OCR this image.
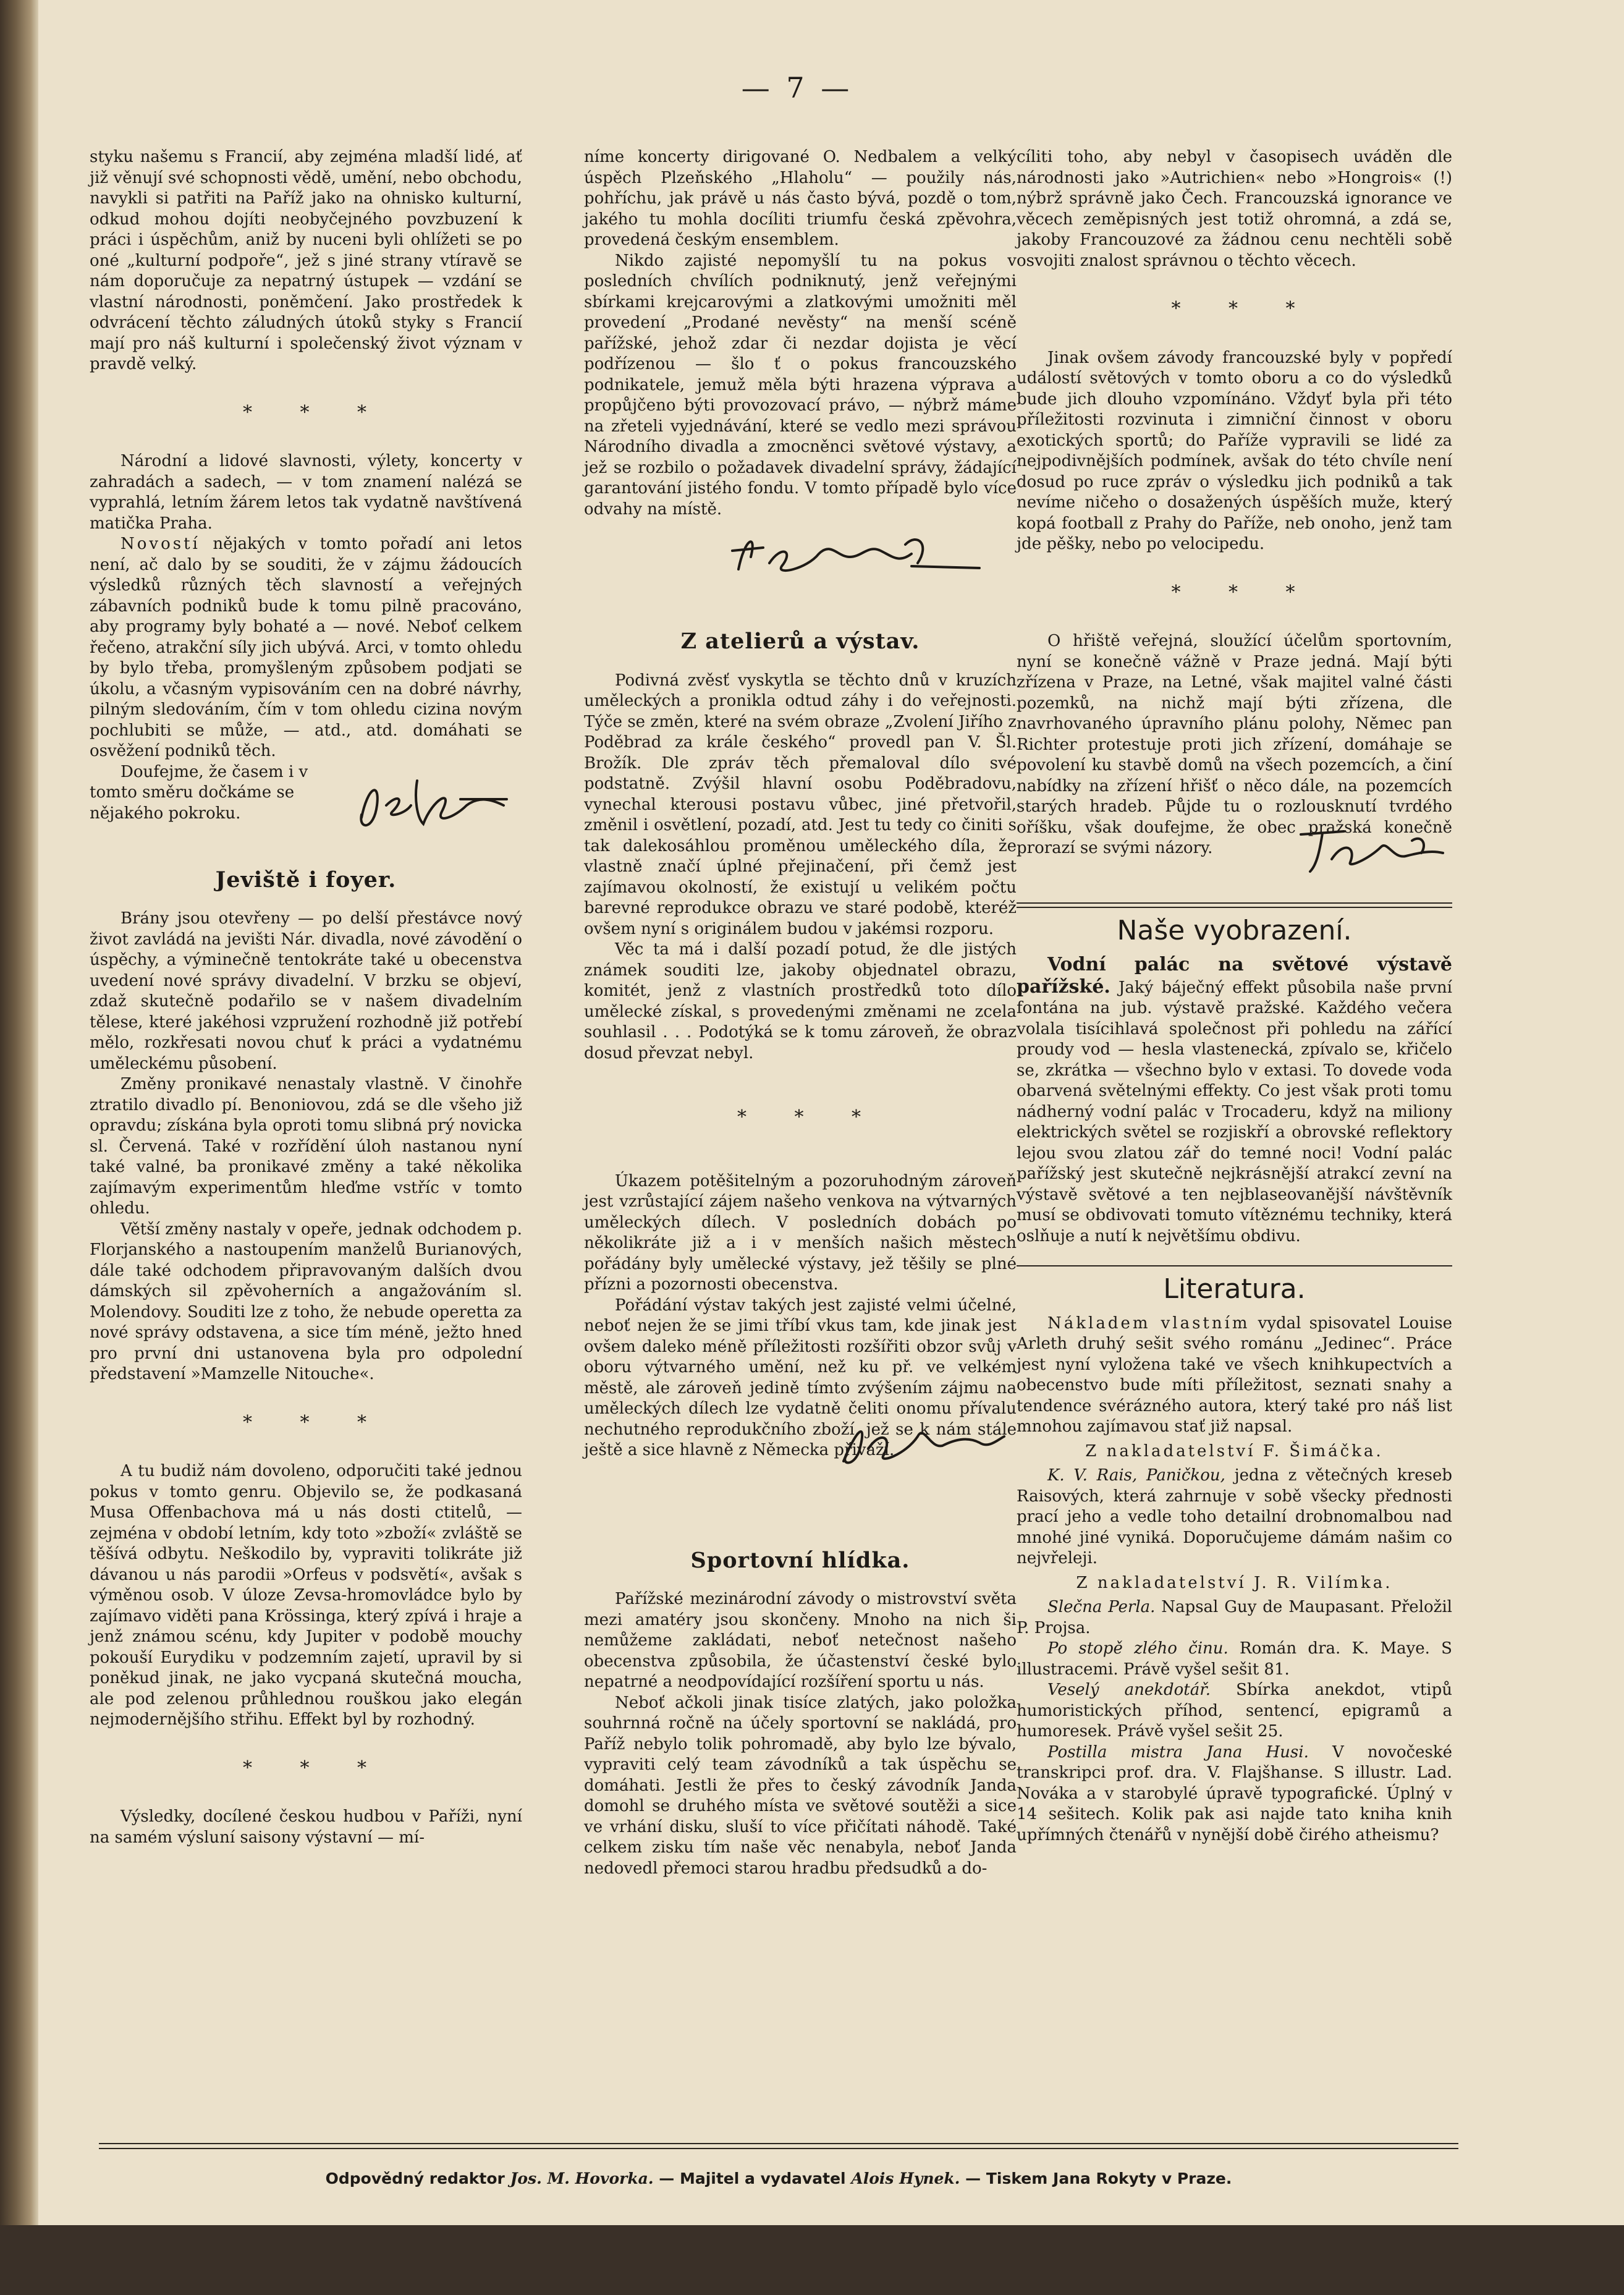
— 7 —

styku našemu s Francií, aby zejména mladší lidé, ať již věnují své schopnosti vědě, umění, nebo obchodu, navykli si patřiti na Paříž jako na ohnisko kulturní, odkud mohou dojíti neobyčejného povzbuzení k práci i úspěchům, aniž by nuceni byli ohlížeti se po oné „kulturní podpoře“, jež s jiné strany vtíravě se nám doporučuje za nepatrný ústupek — vzdání se vlastní národnosti, poněmčení. Jako prostředek k odvrácení těchto záludných útoků styky s Francií mají pro náš kulturní i společenský život význam v pravdě velký.

* * *

Národní a lidové slavnosti, výlety, koncerty v zahradách a sadech, — v tom znamení nalézá se vyprahlá, letním žárem letos tak vydatně navštívená matička Praha.

Novostí nějakých v tomto pořadí ani letos není, ač dalo by se souditi, že v zájmu žádoucích výsledků různých těch slavností a veřejných zábavních podniků bude k tomu pilně pracováno, aby programy byly bohaté a — nové. Neboť celkem řečeno, atrakční síly jich ubývá. Arci, v tomto ohledu by bylo třeba, promyšleným způsobem podjati se úkolu, a včasným vypisováním cen na dobré návrhy, pilným sledováním, čím v tom ohledu cizina novým pochlubiti se může, — atd., atd. domáhati se osvěžení podniků těch.

Doufejme, že časem i v tomto směru dočkáme se nějakého pokroku.

Jeviště i foyer.

Brány jsou otevřeny — po delší přestávce nový život zavládá na jevišti Nár. divadla, nové závodění o úspěchy, a výminečně tentokráte také u obecenstva uvedení nové správy divadelní. V brzku se objeví, zdaž skutečně podařilo se v našem divadelním tělese, které jakéhosi vzpružení rozhodně již potřebí mělo, rozkřesati novou chuť k práci a vydatnému uměleckému působení.

Změny pronikavé nenastaly vlastně. V činohře ztratilo divadlo pí. Benoniovou, zdá se dle všeho již opravdu; získána byla oproti tomu slibná prý novicka sl. Červená. Také v rozřídění úloh nastanou nyní také valné, ba pronikavé změny a také několika zajímavým experimentům hleďme vstříc v tomto ohledu.

Větší změny nastaly v opeře, jednak odchodem p. Florjanského a nastoupením manželů Burianových, dále také odchodem připravovaným dalších dvou dámských sil zpěvoherních a angažováním sl. Molendovy. Souditi lze z toho, že nebude operetta za nové správy odstavena, a sice tím méně, ježto hned pro první dni ustanovena byla pro odpolední představení »Mamzelle Nitouche«.

* * *

A tu budiž nám dovoleno, odporučiti také jednou pokus v tomto genru. Objevilo se, že podkasaná Musa Offenbachova má u nás dosti ctitelů, — zejména v období letním, kdy toto »zboží« zvláště se těšívá odbytu. Neškodilo by, vypraviti tolikráte již dávanou u nás parodii »Orfeus v podsvětí«, avšak s výměnou osob. V úloze Zevsa-hromovládce bylo by zajímavo viděti pana Krössinga, který zpívá i hraje a jenž známou scénu, kdy Jupiter v podobě mouchy pokouší Eurydiku v podzemním zajetí, upravil by si poněkud jinak, ne jako vycpaná skutečná moucha, ale pod zelenou průhlednou rouškou jako elegán nejmodernějšího střihu. Effekt byl by rozhodný.

* * *

Výsledky, docílené českou hudbou v Paříži, nyní na samém výsluní saisony výstavní — mí-

níme koncerty dirigované O. Nedbalem a velký úspěch Plzeňského „Hlaholu“ — použily nás, pohříchu, jak právě u nás často bývá, pozdě o tom, jakého tu mohla docíliti triumfu česká zpěvohra, provedená českým ensemblem.

Nikdo zajisté nepomyšlí tu na pokus v posledních chvílích podniknutý, jenž veřejnými sbírkami krejcarovými a zlatkovými umožniti měl provedení „Prodané nevěsty“ na menší scéně pařížské, jehož zdar či nezdar dojista je věcí podřízenou — šlo ť o pokus francouzského podnikatele, jemuž měla býti hrazena výprava a propůjčeno býti provozovací právo, — nýbrž máme na zřeteli vyjednávání, které se vedlo mezi správou Národního divadla a zmocněnci světové výstavy, a jež se rozbilo o požadavek divadelní správy, žádající garantování jistého fondu. V tomto případě bylo více odvahy na místě.

Z atelierů a výstav.

Podivná zvěsť vyskytla se těchto dnů v kruzích uměleckých a pronikla odtud záhy i do veřejnosti. Týče se změn, které na svém obraze „Zvolení Jiřího z Poděbrad za krále českého“ provedl pan V. Šl. Brožík. Dle zpráv těch přemaloval dílo své podstatně. Zvýšil hlavní osobu Poděbradovu, vynechal kterousi postavu vůbec, jiné přetvořil, změnil i osvětlení, pozadí, atd. Jest tu tedy co činiti s tak dalekosáhlou proměnou uměleckého díla, že vlastně značí úplné přejinačení, při čemž jest zajímavou okolností, že existují u velikém počtu barevné reprodukce obrazu ve staré podobě, kteréž ovšem nyní s originálem budou v jakémsi rozporu.

Věc ta má i další pozadí potud, že dle jistých známek souditi lze, jakoby objednatel obrazu, komitét, jenž z vlastních prostředků toto dílo umělecké získal, s provedenými změnami ne zcela souhlasil . . . Podotýká se k tomu zároveň, že obraz dosud převzat nebyl.

* * *

Úkazem potěšitelným a pozoruhodným zároveň jest vzrůstající zájem našeho venkova na výtvarných uměleckých dílech. V posledních dobách po několikráte již a i v menších našich městech pořádány byly umělecké výstavy, jež těšily se plné přízni a pozornosti obecenstva.

Pořádání výstav takých jest zajisté velmi účelné, neboť nejen že se jimi tříbí vkus tam, kde jinak jest ovšem daleko méně příležitosti rozšířiti obzor svůj v oboru výtvarného umění, než ku př. ve velkém městě, ale zároveň jedině tímto zvýšením zájmu na uměleckých dílech lze vydatně čeliti onomu přívalu nechutného reprodukčního zboží, jež se k nám stále ještě a sice hlavně z Německa přiváží.

Sportovní hlídka.

Pařížské mezinárodní závody o mistrovství světa mezi amatéry jsou skončeny. Mnoho na nich ši nemůžeme zakládati, neboť netečnost našeho obecenstva způsobila, že účastenství české bylo nepatrné a neodpovídající rozšíření sportu u nás.

Neboť ačkoli jinak tisíce zlatých, jako položka souhrnná ročně na účely sportovní se nakládá, pro Paříž nebylo tolik pohromadě, aby bylo lze bývalo, vypraviti celý team závodníků a tak úspěchu se domáhati. Jestli že přes to český závodník Janda domohl se druhého místa ve světové soutěži a sice ve vrhání disku, sluší to více přičítati náhodě. Také celkem zisku tím naše věc nenabyla, neboť Janda nedovedl přemoci starou hradbu předsudků a do-

cíliti toho, aby nebyl v časopisech uváděn dle národnosti jako »Autrichien« nebo »Hongrois« (!) nýbrž správně jako Čech. Francouzská ignorance ve věcech zeměpisných jest totiž ohromná, a zdá se, jakoby Francouzové za žádnou cenu nechtěli sobě osvojiti znalost správnou o těchto věcech.

* * *

Jinak ovšem závody francouzské byly v popředí událostí světových v tomto oboru a co do výsledků bude jich dlouho vzpomínáno. Vždyť byla při této příležitosti rozvinuta i zimniční činnost v oboru exotických sportů; do Paříže vypravili se lidé za nejpodivnějších podmínek, avšak do této chvíle není dosud po ruce zpráv o výsledku jich podniků a tak nevíme ničeho o dosažených úspěších muže, který kopá football z Prahy do Paříže, neb onoho, jenž tam jde pěšky, nebo po velocipedu.

* * *

O hřiště veřejná, sloužící účelům sportovním, nyní se konečně vážně v Praze jedná. Mají býti zřízena v Praze, na Letné, však majitel valné části pozemků, na nichž mají býti zřízena, dle navrhovaného úpravního plánu polohy, Němec pan Richter protestuje proti jich zřízení, domáhaje se povolení ku stavbě domů na všech pozemcích, a činí nabídky na zřízení hřišť o něco dále, na pozemcích starých hradeb. Půjde tu o rozlousknutí tvrdého oříšku, však doufejme, že obec pražská konečně prorazí se svými názory.

Naše vyobrazení.

Vodní palác na světové výstavě pařížské. Jaký báječný effekt působila naše první fontána na jub. výstavě pražské. Každého večera volala tisícihlavá společnost při pohledu na zářící proudy vod — hesla vlastenecká, zpívalo se, křičelo se, zkrátka — všechno bylo v extasi. To dovede voda obarvená světelnými effekty. Co jest však proti tomu nádherný vodní palác v Trocaderu, když na miliony elektrických světel se rozjiskří a obrovské reflektory lejou svou zlatou zář do temné noci! Vodní palác pařížský jest skutečně nejkrásnější atrakcí zevní na výstavě světové a ten nejblaseovanější návštěvník musí se obdivovati tomuto vítěznému techniky, která oslňuje a nutí k největšímu obdivu.

Literatura.

Nákladem vlastním vydal spisovatel Louise Arleth druhý sešit svého románu „Jedinec“. Práce jest nyní vyložena také ve všech knihkupectvích a obecenstvo bude míti příležitost, seznati snahy a tendence svérázného autora, který také pro náš list mnohou zajímavou stať již napsal.

Z nakladatelství F. Šimáčka.

K. V. Rais, Paničkou, jedna z větečných kreseb Raisových, která zahrnuje v sobě všecky přednosti prací jeho a vedle toho detailní drobnomalbou nad mnohé jiné vyniká. Doporučujeme dámám našim co nejvřeleji.

Z nakladatelství J. R. Vilímka.

Slečna Perla. Napsal Guy de Maupasant. Přeložil P. Projsa.

Po stopě zlého činu. Román dra. K. Maye. S illustracemi. Právě vyšel sešit 81.

Veselý anekdotář. Sbírka anekdot, vtipů humoristických příhod, sentencí, epigramů a humoresek. Právě vyšel sešit 25.

Postilla mistra Jana Husi. V novočeské transkripci prof. dra. V. Flajšhanse. S illustr. Lad. Nováka a v starobylé úpravě typografické. Úplný v 14 sešitech. Kolik pak asi najde tato kniha knih upřímných čtenářů v nynější době čirého atheismu?

Odpovědný redaktor Jos. M. Hovorka. — Majitel a vydavatel Alois Hynek. — Tiskem Jana Rokyty v Praze.
